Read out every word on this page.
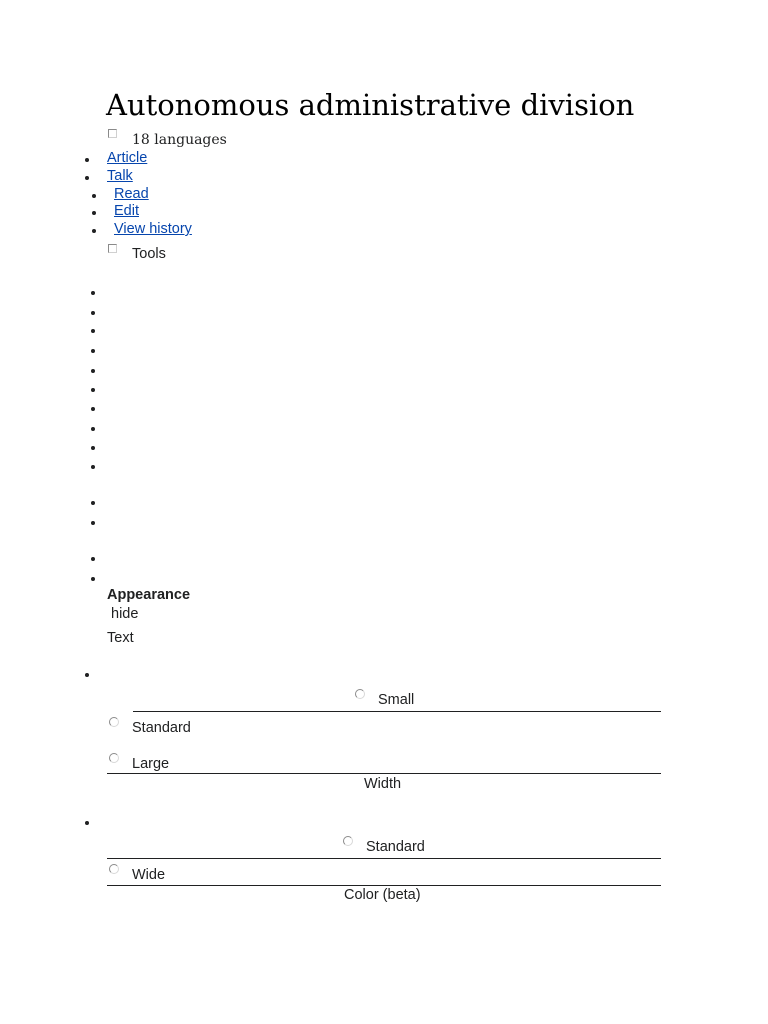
Autonomous administrative division
18 languages
Article
Talk
Read
Edit
View history
Tools
Appearance
hide
Text
Small
Standard
Large
Width
Standard
Wide
Color (beta)
